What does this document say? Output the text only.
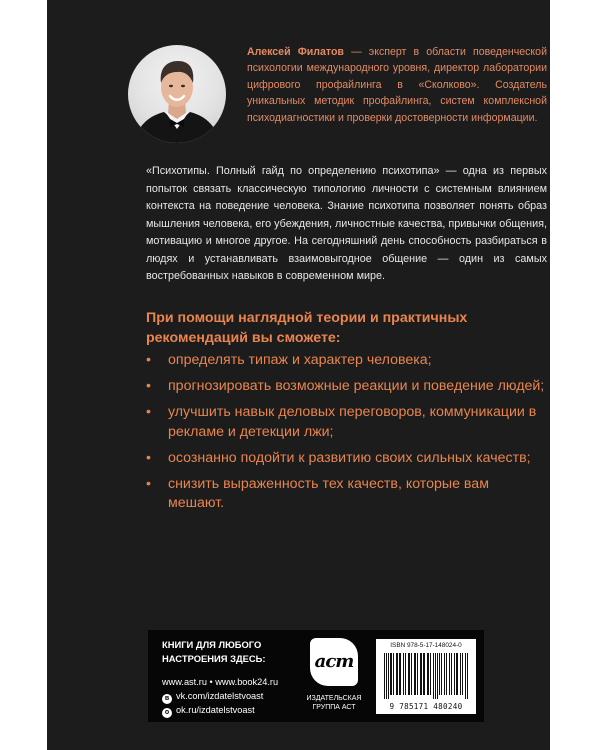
Алексей Филатов — эксперт в области поведенческой психологии международного уровня, директор лаборатории цифрового профайлинга в «Сколково». Создатель уникальных методик профайлинга, систем комплексной психодиагностики и проверки достоверности информации.
«Психотипы. Полный гайд по определению психотипа» — одна из первых попыток связать классическую типологию личности с системным влиянием контекста на поведение человека. Знание психотипа позволяет понять образ мышления человека, его убеждения, личностные качества, привычки общения, мотивацию и многое другое. На сегодняшний день способность разбираться в людях и устанавливать взаимовыгодное общение — один из самых востребованных навыков в современном мире.
При помощи наглядной теории и практичных рекомендаций вы сможете:
• определять типаж и характер человека;
• прогнозировать возможные реакции и поведение людей;
• улучшить навык деловых переговоров, коммуникации в рекламе и детекции лжи;
• осознанно подойти к развитию своих сильных качеств;
• снизить выраженность тех качеств, которые вам мешают.
КНИГИ ДЛЯ ЛЮБОГО НАСТРОЕНИЯ ЗДЕСЬ:
www.ast.ru • www.book24.ru
в vk.com/izdatelstvoast
о ok.ru/izdatelstvoast
аст
ИЗДАТЕЛЬСКАЯ ГРУППА АСТ
ISBN 978-5-17-148024-0
9 785171 480240
